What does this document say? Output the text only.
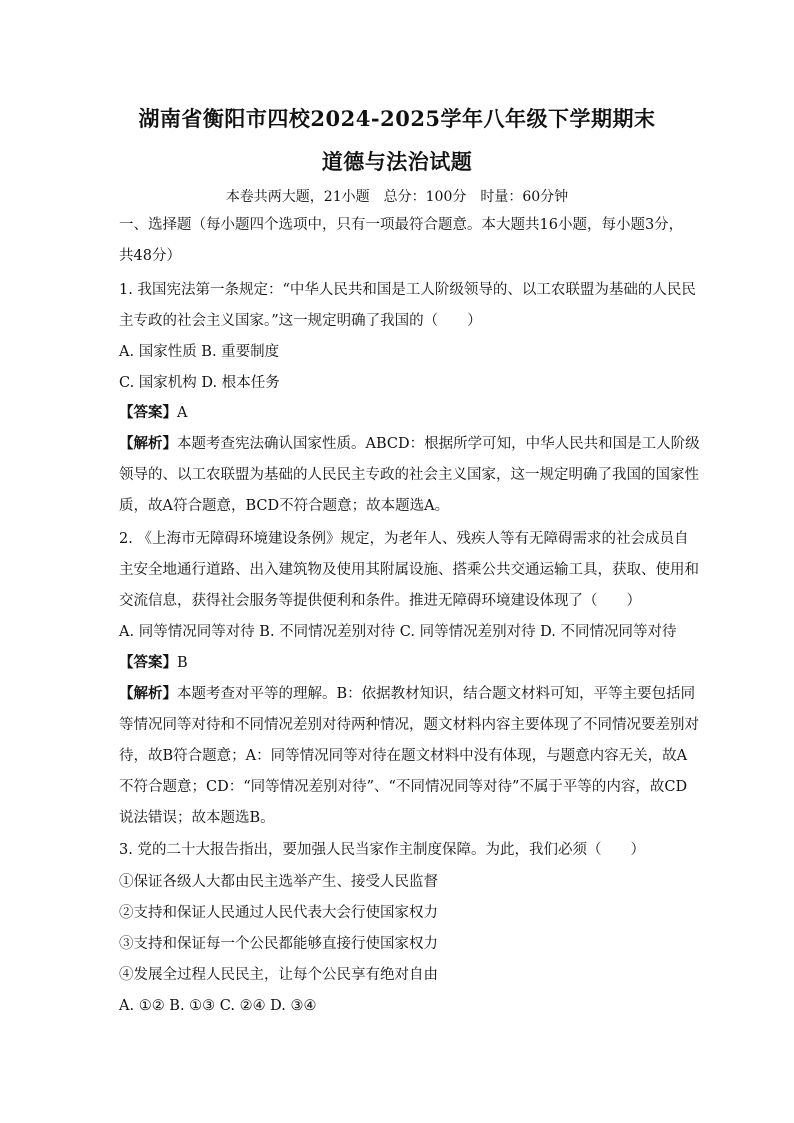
湖南省衡阳市四校2024-2025学年八年级下学期期末
道德与法治试题
本卷共两大题，21小题　总分：100分　时量：60分钟
一、选择题（每小题四个选项中，只有一项最符合题意。本大题共16小题，每小题3分，
共48分）
1. 我国宪法第一条规定：“中华人民共和国是工人阶级领导的、以工农联盟为基础的人民民
主专政的社会主义国家。”这一规定明确了我国的（　　）
A. 国家性质 B. 重要制度
C. 国家机构 D. 根本任务
【答案】A
【解析】本题考查宪法确认国家性质。ABCD：根据所学可知，中华人民共和国是工人阶级
领导的、以工农联盟为基础的人民民主专政的社会主义国家，这一规定明确了我国的国家性
质，故A符合题意，BCD不符合题意；故本题选A。
2. 《上海市无障碍环境建设条例》规定，为老年人、残疾人等有无障碍需求的社会成员自
主安全地通行道路、出入建筑物及使用其附属设施、搭乘公共交通运输工具，获取、使用和
交流信息，获得社会服务等提供便利和条件。推进无障碍环境建设体现了（　　）
A. 同等情况同等对待 B. 不同情况差别对待 C. 同等情况差别对待 D. 不同情况同等对待
【答案】B
【解析】本题考查对平等的理解。B：依据教材知识，结合题文材料可知，平等主要包括同
等情况同等对待和不同情况差别对待两种情况，题文材料内容主要体现了不同情况要差别对
待，故B符合题意；A：同等情况同等对待在题文材料中没有体现，与题意内容无关，故A
不符合题意；CD：“同等情况差别对待”、“不同情况同等对待”不属于平等的内容，故CD
说法错误；故本题选B。
3. 党的二十大报告指出，要加强人民当家作主制度保障。为此，我们必须（　　）
①保证各级人大都由民主选举产生、接受人民监督
②支持和保证人民通过人民代表大会行使国家权力
③支持和保证每一个公民都能够直接行使国家权力
④发展全过程人民民主，让每个公民享有绝对自由
A. ①② B. ①③ C. ②④ D. ③④
